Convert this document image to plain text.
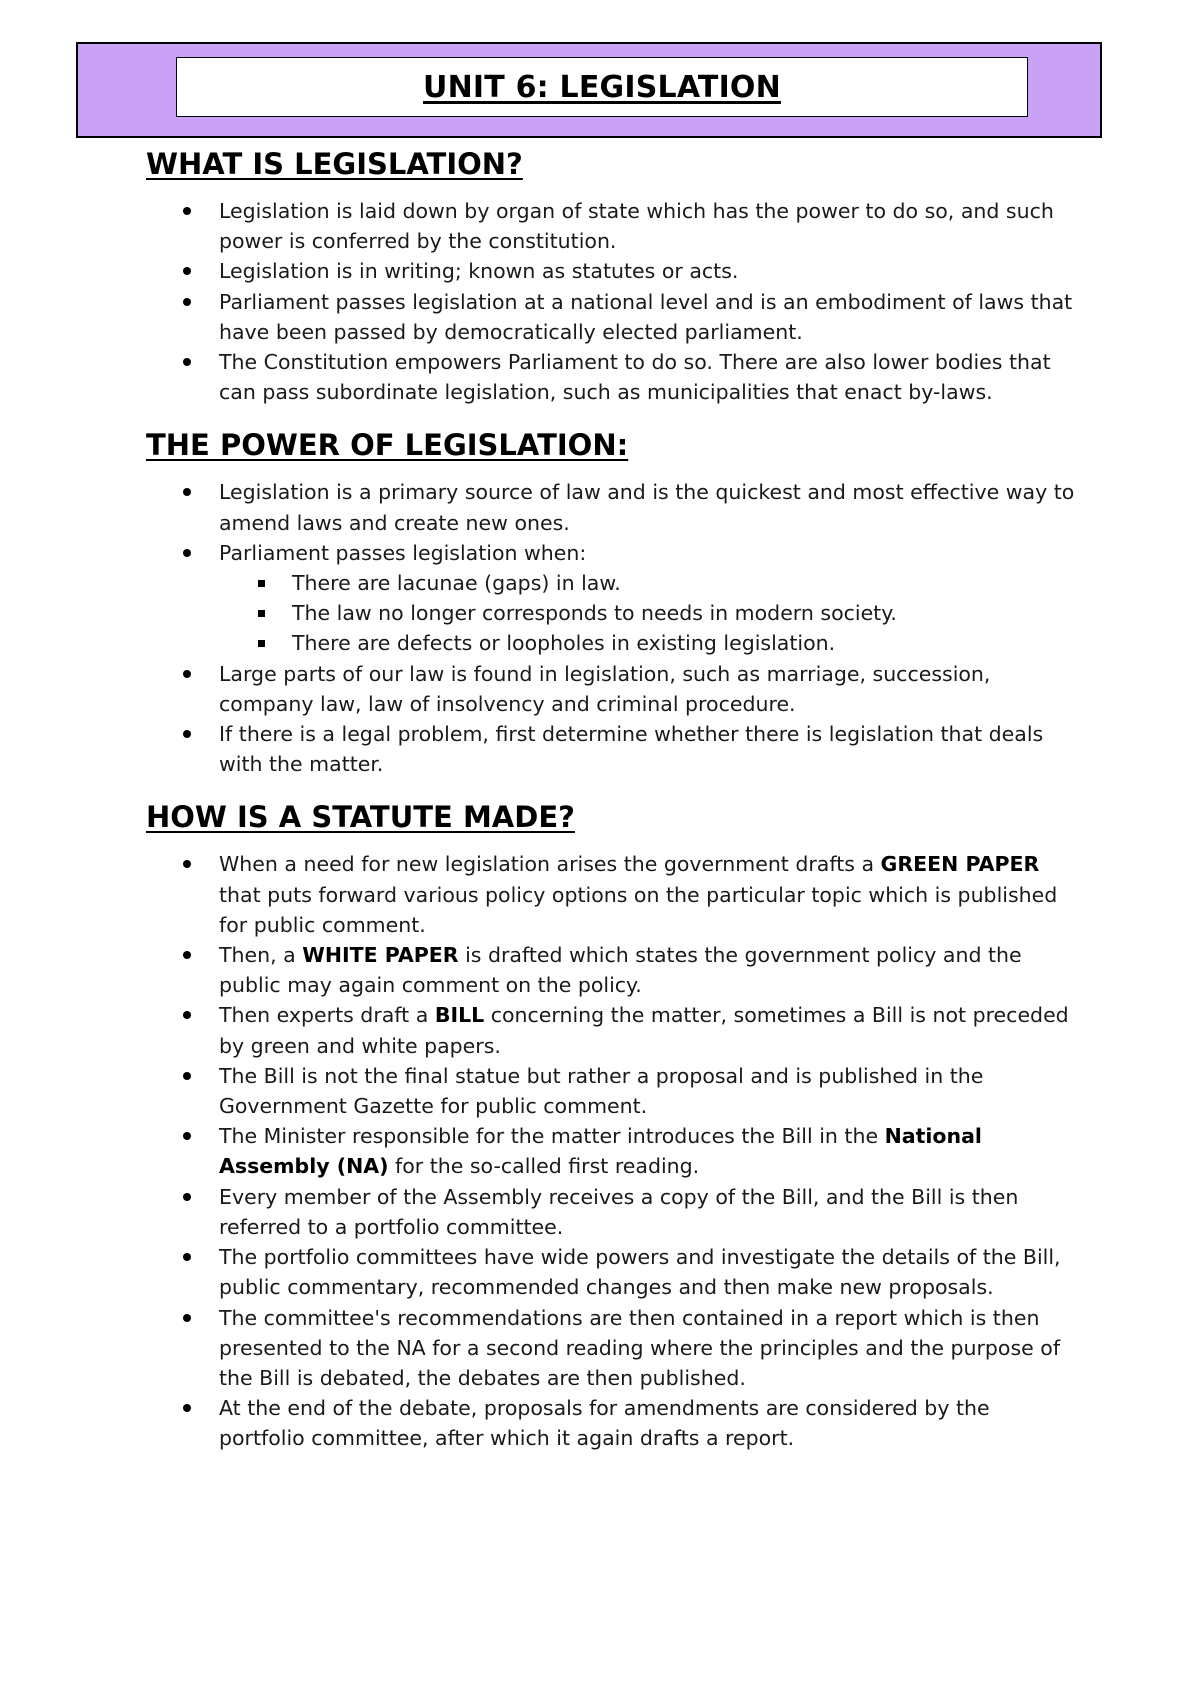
UNIT 6: LEGISLATION
WHAT IS LEGISLATION?
Legislation is laid down by organ of state which has the power to do so, and such power is conferred by the constitution.
Legislation is in writing; known as statutes or acts.
Parliament passes legislation at a national level and is an embodiment of laws that have been passed by democratically elected parliament.
The Constitution empowers Parliament to do so. There are also lower bodies that can pass subordinate legislation, such as municipalities that enact by-laws.
THE POWER OF LEGISLATION:
Legislation is a primary source of law and is the quickest and most effective way to amend laws and create new ones.
Parliament passes legislation when:
There are lacunae (gaps) in law.
The law no longer corresponds to needs in modern society.
There are defects or loopholes in existing legislation.
Large parts of our law is found in legislation, such as marriage, succession, company law, law of insolvency and criminal procedure.
If there is a legal problem, first determine whether there is legislation that deals with the matter.
HOW IS A STATUTE MADE?
When a need for new legislation arises the government drafts a GREEN PAPER that puts forward various policy options on the particular topic which is published for public comment.
Then, a WHITE PAPER is drafted which states the government policy and the public may again comment on the policy.
Then experts draft a BILL concerning the matter, sometimes a Bill is not preceded by green and white papers.
The Bill is not the final statue but rather a proposal and is published in the Government Gazette for public comment.
The Minister responsible for the matter introduces the Bill in the National Assembly (NA) for the so-called first reading.
Every member of the Assembly receives a copy of the Bill, and the Bill is then referred to a portfolio committee.
The portfolio committees have wide powers and investigate the details of the Bill, public commentary, recommended changes and then make new proposals.
The committee's recommendations are then contained in a report which is then presented to the NA for a second reading where the principles and the purpose of the Bill is debated, the debates are then published.
At the end of the debate, proposals for amendments are considered by the portfolio committee, after which it again drafts a report.
